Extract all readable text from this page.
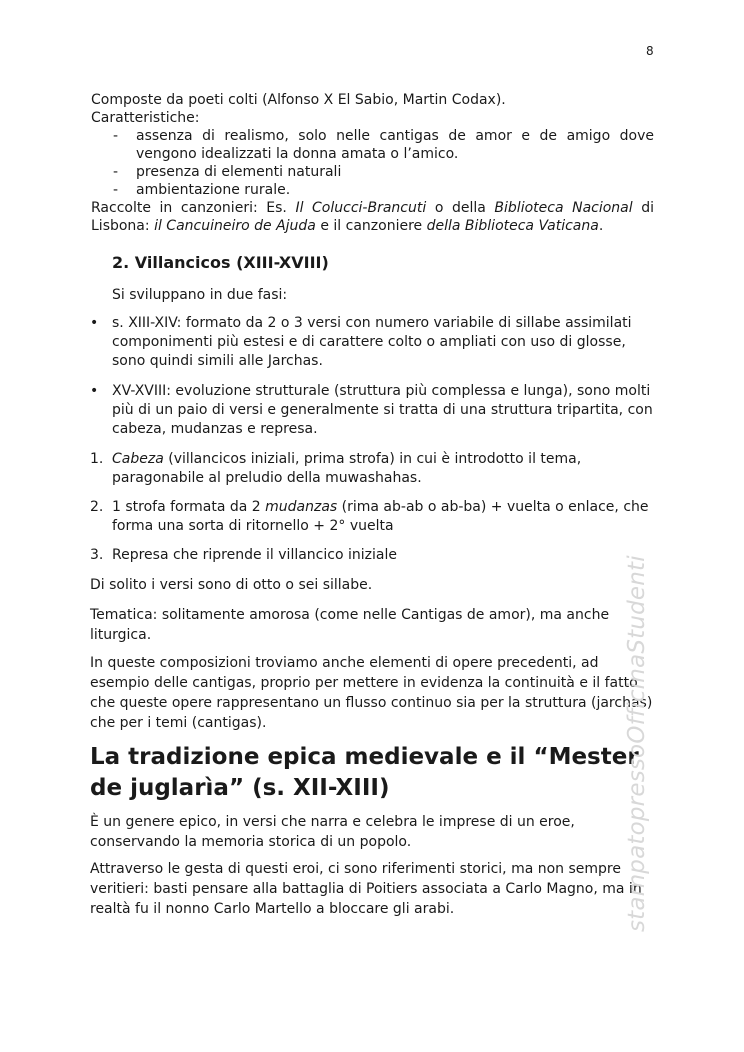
8
Composte da poeti colti (Alfonso X El Sabio, Martin Codax).
Caratteristiche:
- assenza di realismo, solo nelle cantigas de amor e de amigo dove
vengono idealizzati la donna amata o l’amico.
- presenza di elementi naturali
- ambientazione rurale.
Raccolte in canzonieri: Es. Il Colucci-Brancuti o della Biblioteca Nacional di
Lisbona: il Cancuineiro de Ajuda e il canzoniere della Biblioteca Vaticana.
2. Villancicos (XIII-XVIII)
Si sviluppano in due fasi:
• s. XIII-XIV: formato da 2 o 3 versi con numero variabile di sillabe assimilati componimenti più estesi e di carattere colto o ampliati con uso di glosse, sono quindi simili alle Jarchas.
• XV-XVIII: evoluzione strutturale (struttura più complessa e lunga), sono molti più di un paio di versi e generalmente si tratta di una struttura tripartita, con cabeza, mudanzas e represa.
1. Cabeza (villancicos iniziali, prima strofa) in cui è introdotto il tema, paragonabile al preludio della muwashahas.
2. 1 strofa formata da 2 mudanzas (rima ab-ab o ab-ba) + vuelta o enlace, che forma una sorta di ritornello + 2° vuelta
3. Represa che riprende il villancico iniziale
Di solito i versi sono di otto o sei sillabe.
Tematica: solitamente amorosa (come nelle Cantigas de amor), ma anche liturgica.
In queste composizioni troviamo anche elementi di opere precedenti, ad esempio delle cantigas, proprio per mettere in evidenza la continuità e il fatto che queste opere rappresentano un flusso continuo sia per la struttura (jarchas) che per i temi (cantigas).
La tradizione epica medievale e il “Mester de juglarìa” (s. XII-XIII)
È un genere epico, in versi che narra e celebra le imprese di un eroe, conservando la memoria storica di un popolo.
Attraverso le gesta di questi eroi, ci sono riferimenti storici, ma non sempre veritieri: basti pensare alla battaglia di Poitiers associata a Carlo Magno, ma in realtà fu il nonno Carlo Martello a bloccare gli arabi.	stampatopressoOfficinaStudenti
